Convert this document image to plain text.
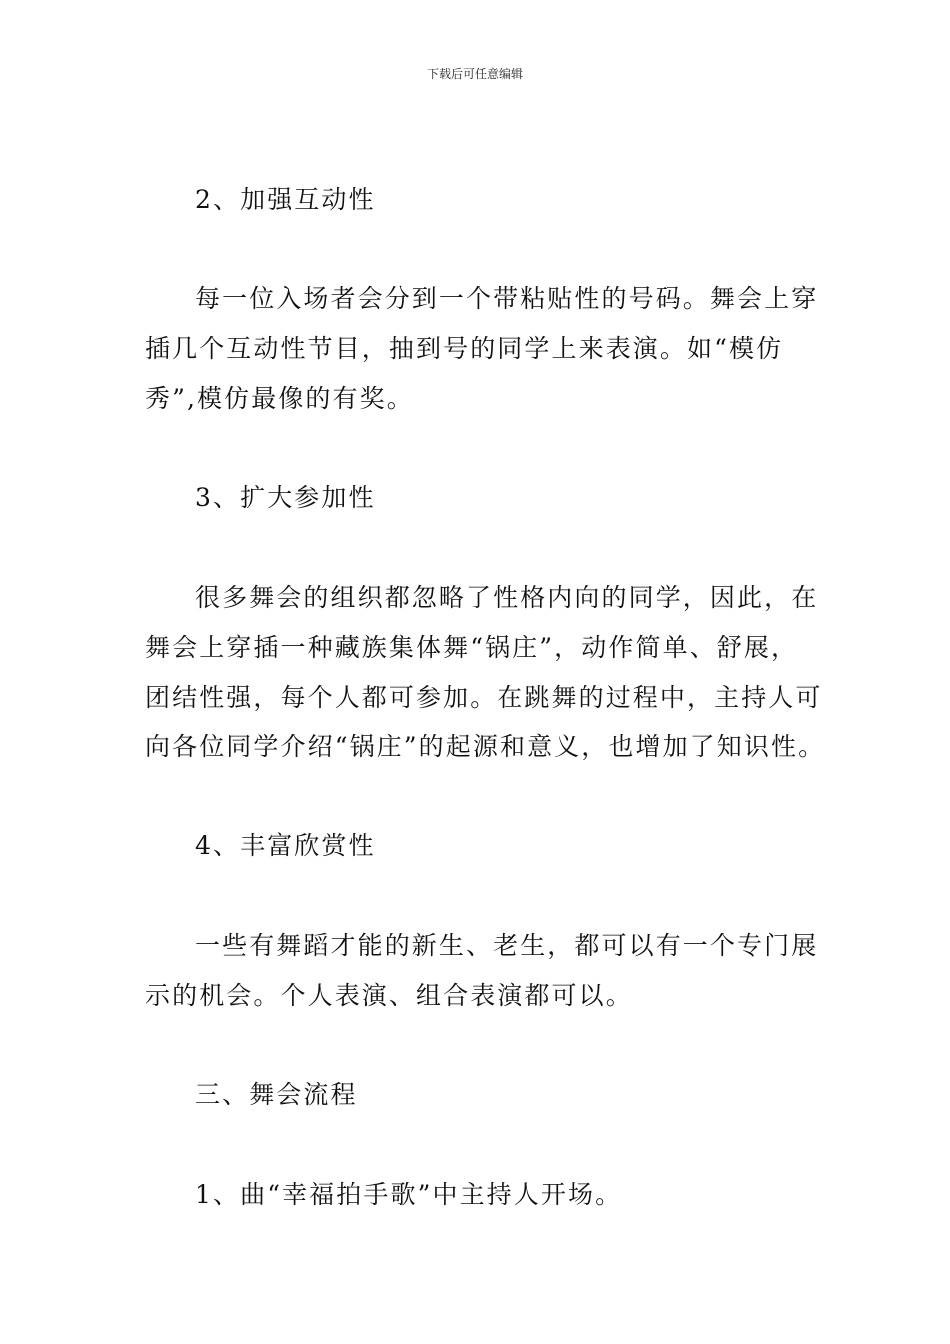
下载后可任意编辑
2、加强互动性
每一位入场者会分到一个带粘贴性的号码。舞会上穿
插几个互动性节目，抽到号的同学上来表演。如“模仿
秀”,模仿最像的有奖。
3、扩大参加性
很多舞会的组织都忽略了性格内向的同学，因此，在
舞会上穿插一种藏族集体舞“锅庄”，动作简单、舒展，
团结性强，每个人都可参加。在跳舞的过程中，主持人可
向各位同学介绍“锅庄”的起源和意义，也增加了知识性。
4、丰富欣赏性
一些有舞蹈才能的新生、老生，都可以有一个专门展
示的机会。个人表演、组合表演都可以。
三、舞会流程
1、曲“幸福拍手歌”中主持人开场。
